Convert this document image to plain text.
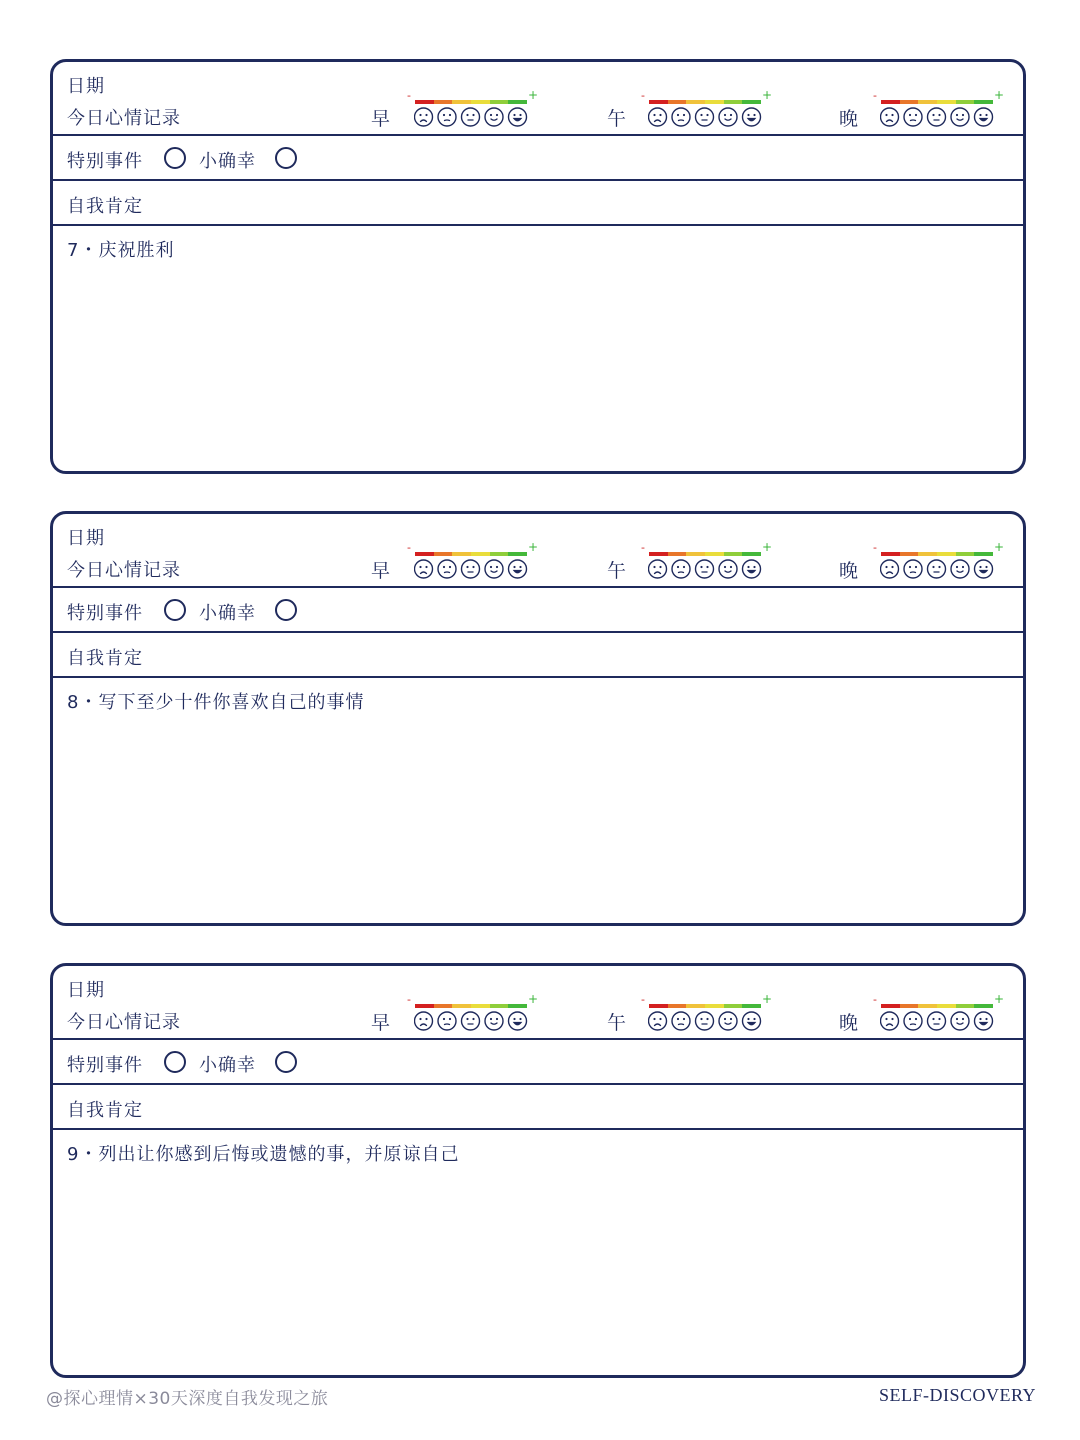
日期
今日心情记录	早
-	+
午
-	+
晚
-	+
特别事件	小确幸
自我肯定
7・庆祝胜利
日期
今日心情记录	早
-	+
午
-	+
晚
-	+
特别事件	小确幸
自我肯定
8・写下至少十件你喜欢自己的事情
日期
今日心情记录	早
-	+
午
-	+
晚
-	+
特别事件	小确幸
自我肯定
9・列出让你感到后悔或遗憾的事，并原谅自己
@探心理情×30天深度自我发现之旅	SELF-DISCOVERY
